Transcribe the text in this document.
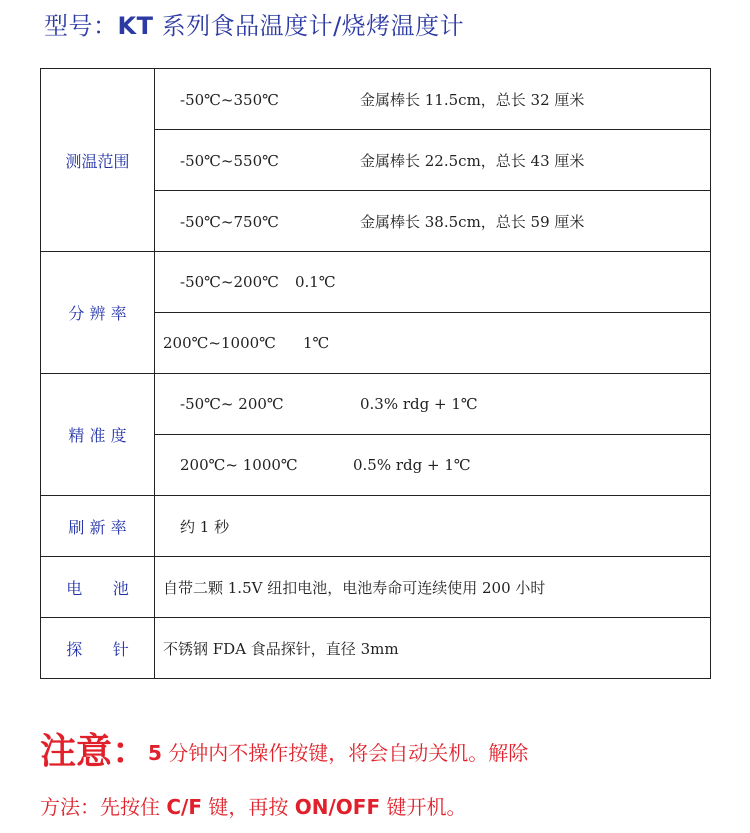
型号：KT 系列食品温度计/烧烤温度计
测温范围	-50℃~350℃ 金属棒长 11.5cm，总长 32 厘米
	-50℃~550℃ 金属棒长 22.5cm，总长 43 厘米
	-50℃~750℃ 金属棒长 38.5cm，总长 59 厘米
分 辨 率	-50℃~200℃ 0.1℃
	200℃~1000℃ 1℃
精 准 度	-50℃~ 200℃ 0.3% rdg + 1℃
	200℃~ 1000℃ 0.5% rdg + 1℃
刷 新 率	约 1 秒
电      池	自带二颗 1.5V 纽扣电池，电池寿命可连续使用 200 小时
探      针	不锈钢 FDA 食品探针，直径 3mm
注意：5 分钟内不操作按键，将会自动关机。解除
方法：先按住 C/F 键，再按 ON/OFF 键开机。
